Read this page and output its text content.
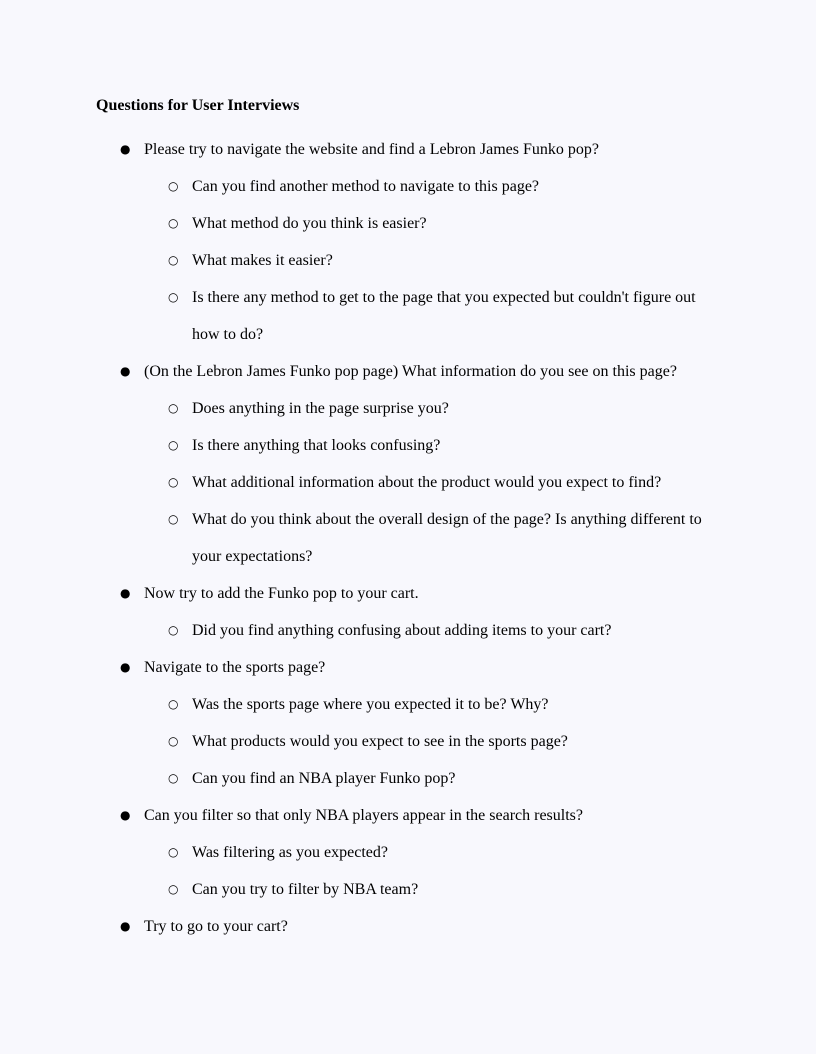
Questions for User Interviews
● Please try to navigate the website and find a Lebron James Funko pop?
○ Can you find another method to navigate to this page?
○ What method do you think is easier?
○ What makes it easier?
○ Is there any method to get to the page that you expected but couldn't figure out how to do?
● (On the Lebron James Funko pop page) What information do you see on this page?
○ Does anything in the page surprise you?
○ Is there anything that looks confusing?
○ What additional information about the product would you expect to find?
○ What do you think about the overall design of the page? Is anything different to your expectations?
● Now try to add the Funko pop to your cart.
○ Did you find anything confusing about adding items to your cart?
● Navigate to the sports page?
○ Was the sports page where you expected it to be? Why?
○ What products would you expect to see in the sports page?
○ Can you find an NBA player Funko pop?
● Can you filter so that only NBA players appear in the search results?
○ Was filtering as you expected?
○ Can you try to filter by NBA team?
● Try to go to your cart?
